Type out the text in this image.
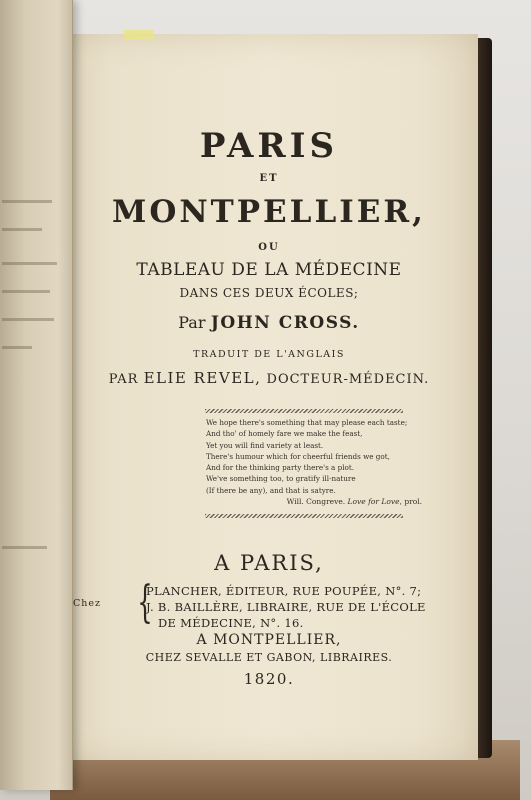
PARIS
ET
MONTPELLIER,
OU
TABLEAU DE LA MÉDECINE
DANS CES DEUX ÉCOLES;
Par JOHN CROSS.
TRADUIT DE L'ANGLAIS
PAR ELIE REVEL, DOCTEUR-MÉDECIN.
We hope there's something that may please each taste;
And tho' of homely fare we make the feast,
Yet you will find variety at least.
There's humour which for cheerful friends we got,
And for the thinking party there's a plot.
We've something too, to gratify ill-nature
(If there be any), and that is satyre.
Will. Congreve. Love for Love, prol.
A PARIS,
Chez {
PLANCHER, ÉDITEUR, RUE POUPÉE, N°. 7;
J. B. BAILLÈRE, LIBRAIRE, RUE DE L'ÉCOLE
DE MÉDECINE, N°. 16.
A MONTPELLIER,
CHEZ SEVALLE ET GABON, LIBRAIRES.
1820.
